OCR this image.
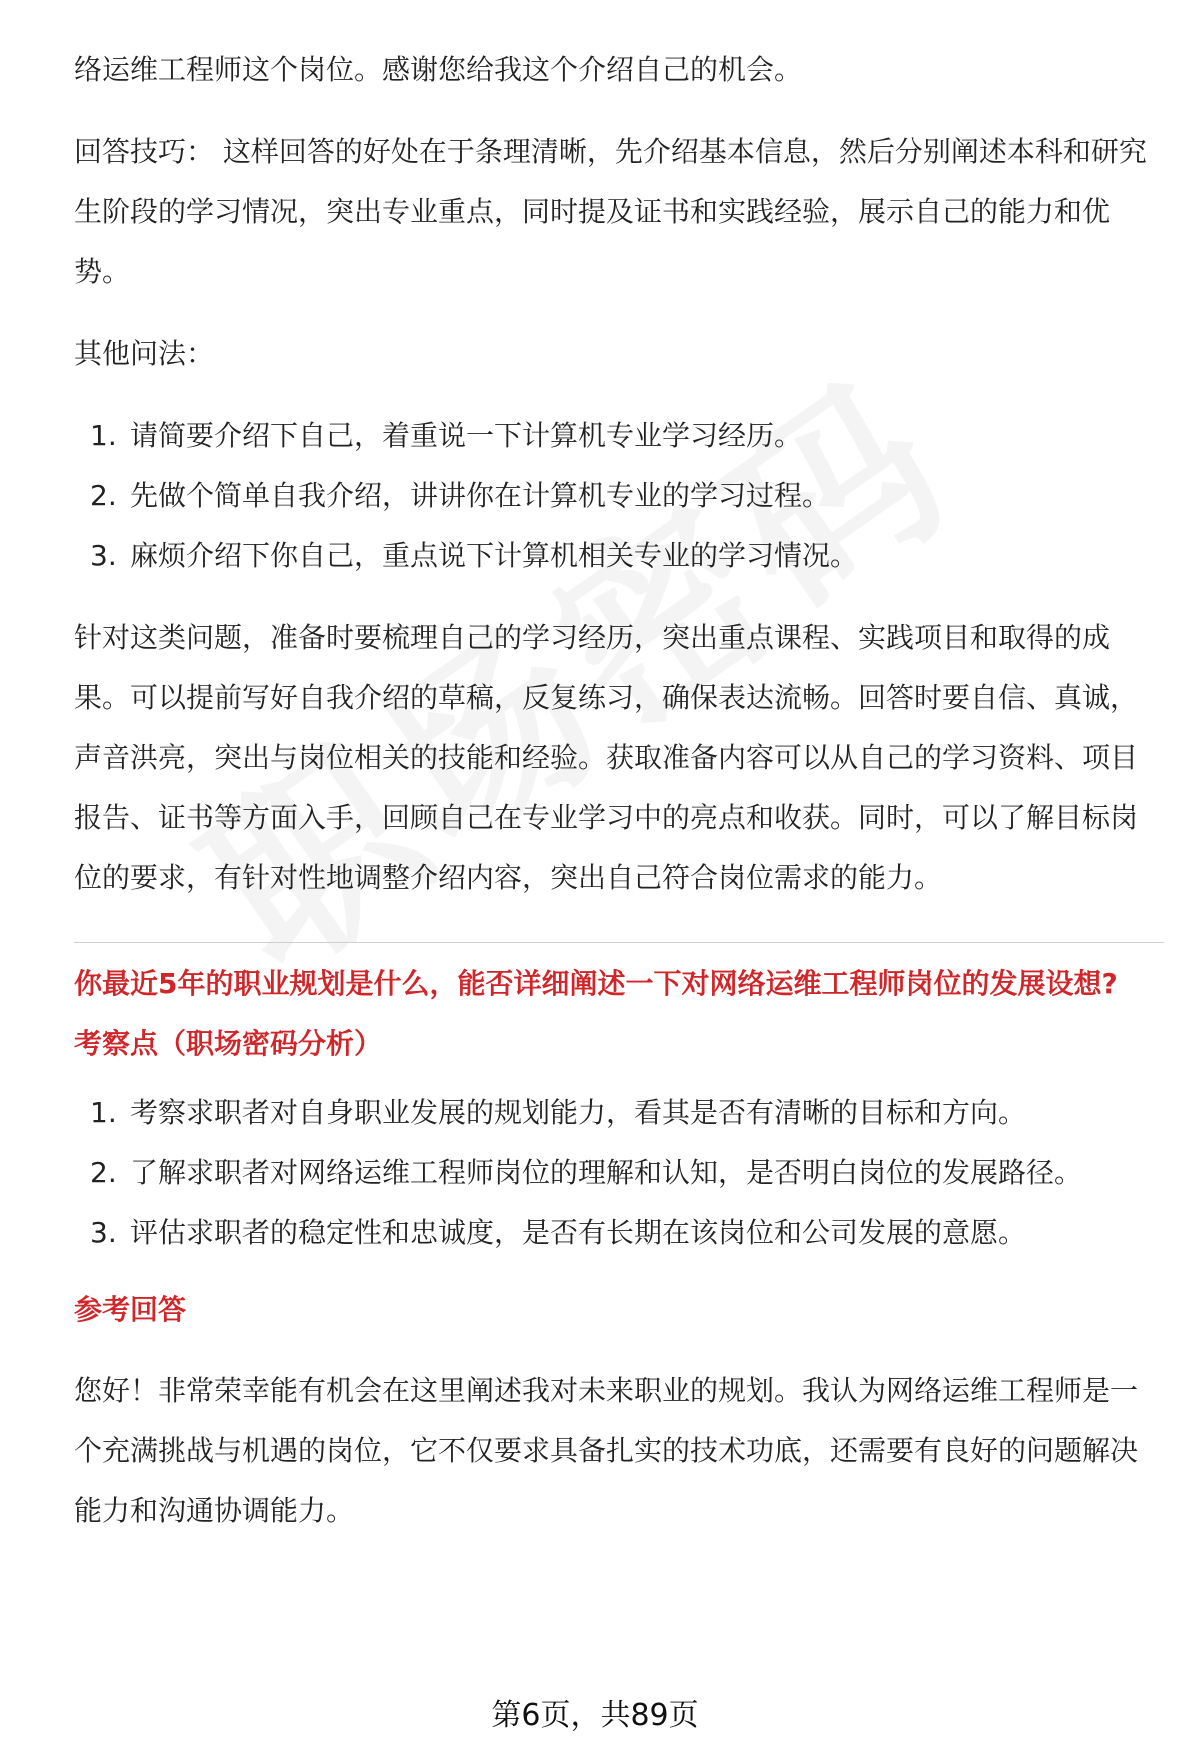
络运维工程师这个岗位。感谢您给我这个介绍自己的机会。

回答技巧： 这样回答的好处在于条理清晰，先介绍基本信息，然后分别阐述本科和研究生阶段的学习情况，突出专业重点，同时提及证书和实践经验，展示自己的能力和优势。

其他问法：

1. 请简要介绍下自己，着重说一下计算机专业学习经历。
2. 先做个简单自我介绍，讲讲你在计算机专业的学习过程。
3. 麻烦介绍下你自己，重点说下计算机相关专业的学习情况。

针对这类问题，准备时要梳理自己的学习经历，突出重点课程、实践项目和取得的成果。可以提前写好自我介绍的草稿，反复练习，确保表达流畅。回答时要自信、真诚，声音洪亮，突出与岗位相关的技能和经验。获取准备内容可以从自己的学习资料、项目报告、证书等方面入手，回顾自己在专业学习中的亮点和收获。同时，可以了解目标岗位的要求，有针对性地调整介绍内容，突出自己符合岗位需求的能力。

你最近5年的职业规划是什么，能否详细阐述一下对网络运维工程师岗位的发展设想?
考察点（职场密码分析）
1. 考察求职者对自身职业发展的规划能力，看其是否有清晰的目标和方向。
2. 了解求职者对网络运维工程师岗位的理解和认知，是否明白岗位的发展路径。
3. 评估求职者的稳定性和忠诚度，是否有长期在该岗位和公司发展的意愿。
参考回答

您好！非常荣幸能有机会在这里阐述我对未来职业的规划。我认为网络运维工程师是一个充满挑战与机遇的岗位，它不仅要求具备扎实的技术功底，还需要有良好的问题解决能力和沟通协调能力。

第6页，共89页
